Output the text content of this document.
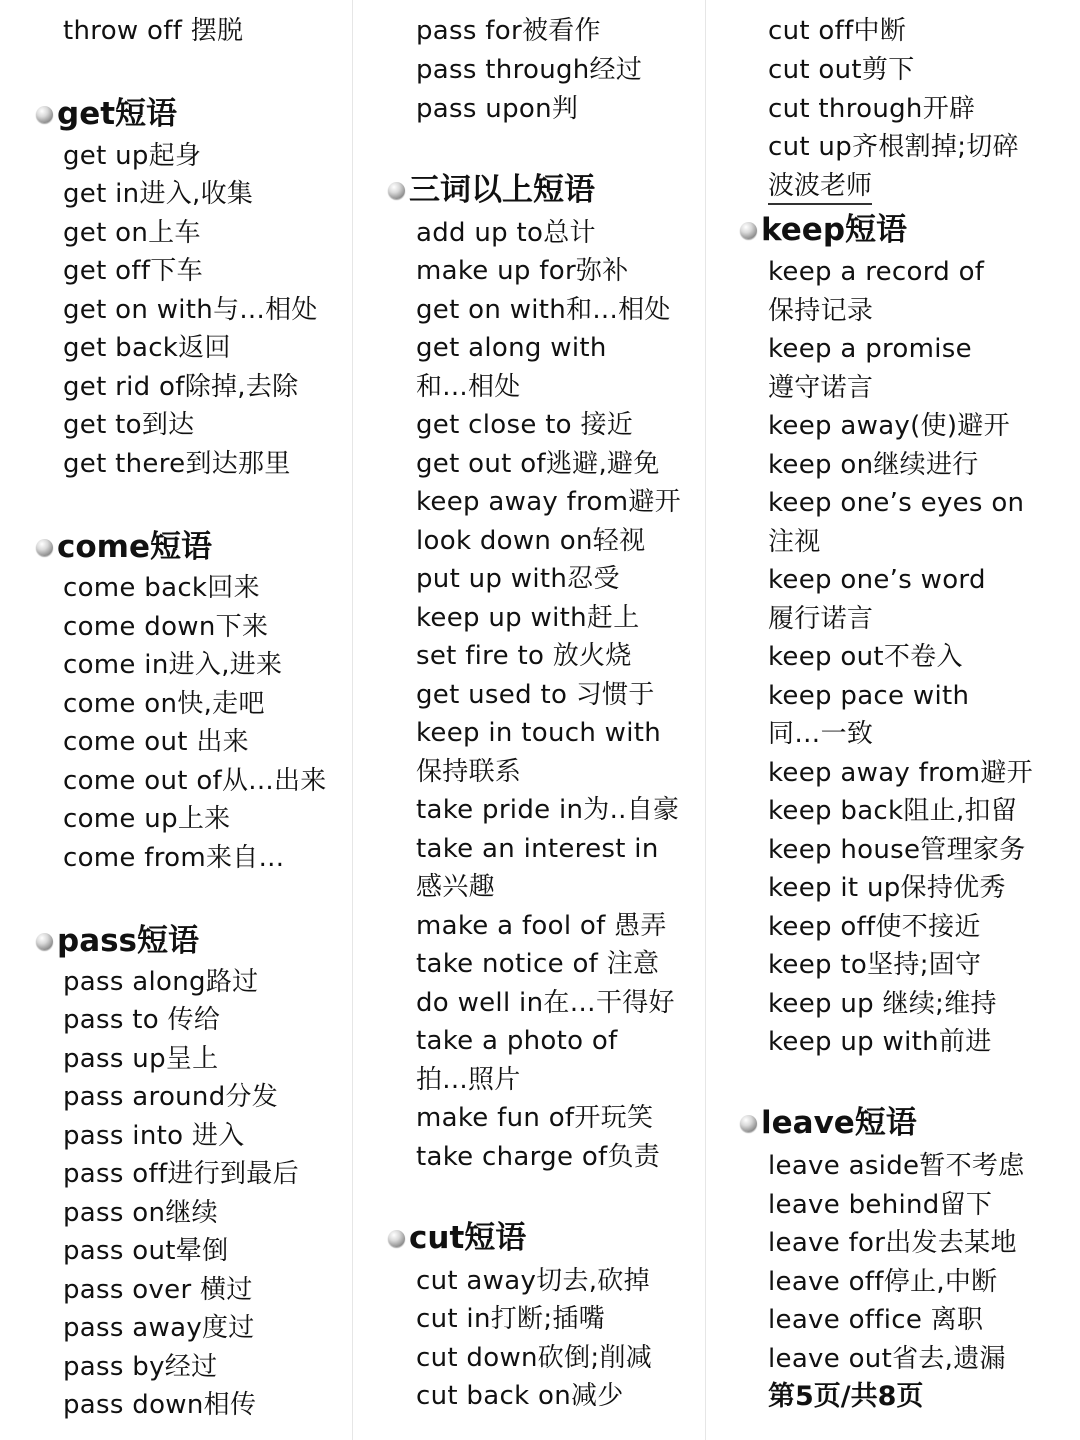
throw off 摆脱
get短语
get up起身
get in进入,收集
get on上车
get off下车
get on with与...相处
get back返回
get rid of除掉,去除
get to到达
get there到达那里
come短语
come back回来
come down下来
come in进入,进来
come on快,走吧
come out 出来
come out of从...出来
come up上来
come from来自...
pass短语
pass along路过
pass to 传给
pass up呈上
pass around分发
pass into 进入
pass off进行到最后
pass on继续
pass out晕倒
pass over 横过
pass away度过
pass by经过
pass down相传
pass for被看作
pass through经过
pass upon判
三词以上短语
add up to总计
make up for弥补
get on with和...相处
get along with
和...相处
get close to 接近
get out of逃避,避免
keep away from避开
look down on轻视
put up with忍受
keep up with赶上
set fire to 放火烧
get used to 习惯于
keep in touch with
保持联系
take pride in为..自豪
take an interest in
感兴趣
make a fool of 愚弄
take notice of 注意
do well in在…干得好
take a photo of
拍...照片
make fun of开玩笑
take charge of负责
cut短语
cut away切去,砍掉
cut in打断;插嘴
cut down砍倒;削减
cut back on减少
cut off中断
cut out剪下
cut through开辟
cut up齐根割掉;切碎
波波老师
keep短语
keep a record of
保持记录
keep a promise
遵守诺言
keep away(使)避开
keep on继续进行
keep one’s eyes on
注视
keep one’s word
履行诺言
keep out不卷入
keep pace with
同…一致
keep away from避开
keep back阻止,扣留
keep house管理家务
keep it up保持优秀
keep off使不接近
keep to坚持;固守
keep up 继续;维持
keep up with前进
leave短语
leave aside暂不考虑
leave behind留下
leave for出发去某地
leave off停止,中断
leave office 离职
leave out省去,遗漏
第5页/共8页
